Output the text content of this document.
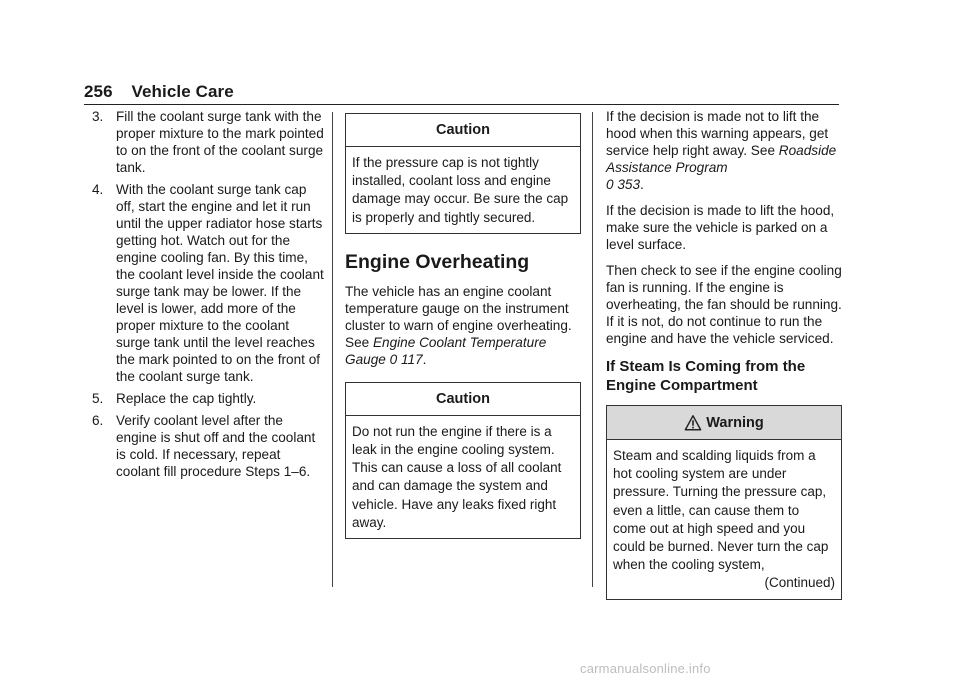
256 Vehicle Care
3. Fill the coolant surge tank with the proper mixture to the mark pointed to on the front of the coolant surge tank.
4. With the coolant surge tank cap off, start the engine and let it run until the upper radiator hose starts getting hot. Watch out for the engine cooling fan. By this time, the coolant level inside the coolant surge tank may be lower. If the level is lower, add more of the proper mixture to the coolant surge tank until the level reaches the mark pointed to on the front of the coolant surge tank.
5. Replace the cap tightly.
6. Verify coolant level after the engine is shut off and the coolant is cold. If necessary, repeat coolant fill procedure Steps 1–6.
Caution
If the pressure cap is not tightly installed, coolant loss and engine damage may occur. Be sure the cap is properly and tightly secured.
Engine Overheating

The vehicle has an engine coolant temperature gauge on the instrument cluster to warn of engine overheating. See Engine Coolant Temperature Gauge 0 117.

Caution
Do not run the engine if there is a leak in the engine cooling system. This can cause a loss of all coolant and can damage the system and vehicle. Have any leaks fixed right away.

If the decision is made not to lift the hood when this warning appears, get service help right away. See Roadside Assistance Program
0 353.

If the decision is made to lift the hood, make sure the vehicle is parked on a level surface.

Then check to see if the engine cooling fan is running. If the engine is overheating, the fan should be running. If it is not, do not continue to run the engine and have the vehicle serviced.

If Steam Is Coming from the Engine Compartment
Warning
Steam and scalding liquids from a hot cooling system are under pressure. Turning the pressure cap, even a little, can cause them to come out at high speed and you could be burned. Never turn the cap when the cooling system,
(Continued)
carmanualsonline.info
